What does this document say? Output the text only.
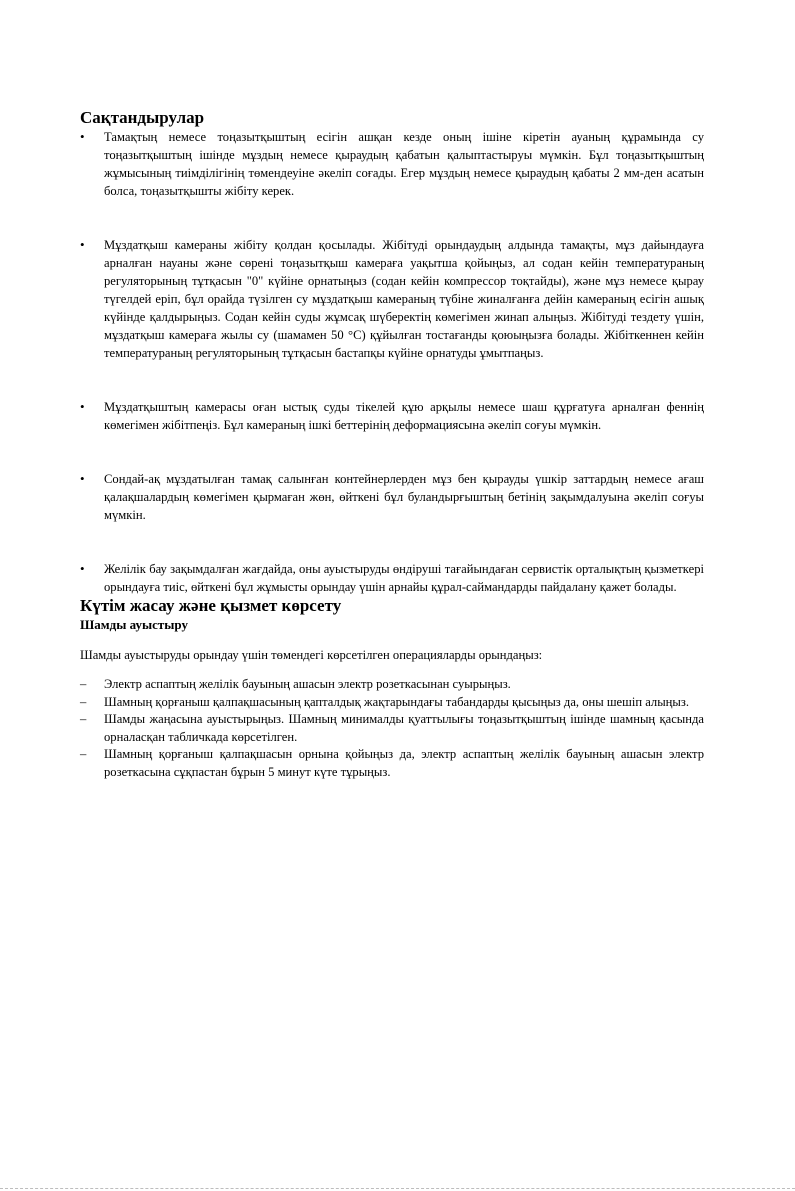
Сақтандырулар
•	Тамақтың немесе тоңазытқыштың есігін ашқан кезде оның ішіне кіретін ауаның құрамында су тоңазытқыштың ішінде мұздың немесе қыраудың қабатын қалыптастыруы мүмкін. Бұл тоңазытқыштың жұмысының тиімділігінің төмендеуіне әкеліп соғады. Егер мұздың немесе қыраудың қабаты 2 мм-ден асатын болса, тоңазытқышты жібіту керек.
•	Мұздатқыш камераны жібіту қолдан қосылады. Жібітуді орындаудың алдында тамақты, мұз дайындауға арналған науаны және сөрені тоңазытқыш камераға уақытша қойыңыз, ал содан кейін температураның регуляторының тұтқасын "0" күйіне орнатыңыз (содан кейін компрессор тоқтайды), және мұз немесе қырау түгелдей еріп, бұл орайда түзілген су мұздатқыш камераның түбіне жиналғанға дейін камераның есігін ашық күйінде қалдырыңыз. Содан кейін суды жұмсақ шүберектің көмегімен жинап алыңыз. Жібітуді тездету үшін, мұздатқыш камераға жылы су (шамамен 50 °С) құйылған тостағанды қоюыңызға болады. Жібіткеннен кейін температураның регуляторының тұтқасын бастапқы күйіне орнатуды ұмытпаңыз.
•	Мұздатқыштың камерасы оған ыстық суды тікелей құю арқылы немесе шаш құрғатуға арналған феннің көмегімен жібітпеңіз. Бұл камераның ішкі беттерінің деформациясына әкеліп соғуы мүмкін.
•	Сондай-ақ мұздатылған тамақ салынған контейнерлерден мұз бен қырауды үшкір заттардың немесе ағаш қалақшалардың көмегімен қырмаған жөн, өйткені бұл буландырғыштың бетінің зақымдалуына әкеліп соғуы мүмкін.
•	Желілік бау зақымдалған жағдайда, оны ауыстыруды өндіруші тағайындаған сервистік орталықтың қызметкері орындауға тиіс, өйткені бұл жұмысты орындау үшін арнайы құрал-саймандарды пайдалану қажет болады.
Күтім жасау және қызмет көрсету
Шамды ауыстыру

Шамды ауыстыруды орындау үшін төмендегі көрсетілген операцияларды орындаңыз:

–	Электр аспаптың желілік бауының ашасын электр розеткасынан суырыңыз.
–	Шамның қорғаныш қалпақшасының қапталдық жақтарындағы табандарды қысыңыз да, оны шешіп алыңыз.
–	Шамды жаңасына ауыстырыңыз. Шамның минималды қуаттылығы тоңазытқыштың ішінде шамның қасында орналасқан табличкада көрсетілген.
–	Шамның қорғаныш қалпақшасын орнына қойыңыз да, электр аспаптың желілік бауының ашасын электр розеткасына сұқпастан бұрын 5 минут күте тұрыңыз.
